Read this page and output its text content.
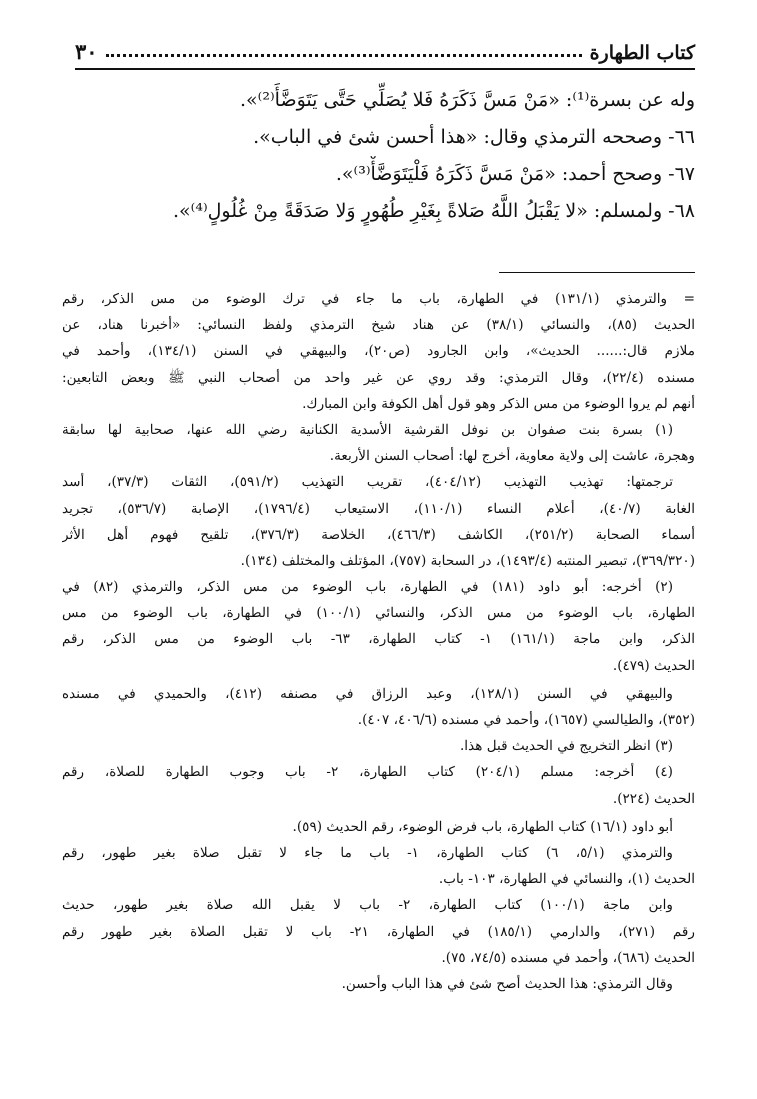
كتاب الطهارة
٣٠
وله عن بسرة⁽¹⁾: «مَنْ مَسَّ ذَكَرَهُ فَلا يُصَلِّي حَتَّى يَتَوَضَّأَ⁽²⁾».
٦٦- وصححه الترمذي وقال: «هذا أحسن شئ في الباب».
٦٧- وصحح أحمد: «مَنْ مَسَّ ذَكَرَهُ فَلْيَتَوَضَّأْ⁽³⁾».
٦٨- ولمسلم: «لا يَقْبَلُ اللَّهُ صَلاةً بِغَيْرِ طُهُورٍ وَلا صَدَقَةً مِنْ غُلُولٍ⁽⁴⁾».
= والترمذي (١٣١/١) في الطهارة، باب ما جاء في ترك الوضوء من مس الذكر، رقم
الحديث (٨٥)، والنسائي (٣٨/١) عن هناد شيخ الترمذي ولفظ النسائي: «أخبرنا هناد، عن
ملازم قال:...... الحديث»، وابن الجارود (ص٢٠)، والبيهقي في السنن (١٣٤/١)، وأحمد في
مسنده (٢٢/٤)، وقال الترمذي: وقد روي عن غير واحد من أصحاب النبي ﷺ وبعض التابعين:
أنهم لم يروا الوضوء من مس الذكر وهو قول أهل الكوفة وابن المبارك.
(١) بسرة بنت صفوان بن نوفل القرشية الأسدية الكنانية رضي الله عنها، صحابية لها سابقة
وهجرة، عاشت إلى ولاية معاوية، أخرج لها: أصحاب السنن الأربعة.
ترجمتها: تهذيب التهذيب (٤٠٤/١٢)، تقريب التهذيب (٥٩١/٢)، الثقات (٣٧/٣)، أسد
الغابة (٤٠/٧)، أعلام النساء (١١٠/١)، الاستيعاب (١٧٩٦/٤)، الإصابة (٥٣٦/٧)، تجريد
أسماء الصحابة (٢٥١/٢)، الكاشف (٤٦٦/٣)، الخلاصة (٣٧٦/٣)، تلقيح فهوم أهل الأثر
(٣٦٩/٣٢٠)، تبصير المنتبه (١٤٩٣/٤)، در السحابة (٧٥٧)، المؤتلف والمختلف (١٣٤).
(٢) أخرجه: أبو داود (١٨١) في الطهارة، باب الوضوء من مس الذكر، والترمذي (٨٢) في
الطهارة، باب الوضوء من مس الذكر، والنسائي (١٠٠/١) في الطهارة، باب الوضوء من مس
الذكر، وابن ماجة (١٦١/١) ١- كتاب الطهارة، ٦٣- باب الوضوء من مس الذكر، رقم
الحديث (٤٧٩).
والبيهقي في السنن (١٢٨/١)، وعبد الرزاق في مصنفه (٤١٢)، والحميدي في مسنده
(٣٥٢)، والطيالسي (١٦٥٧)، وأحمد في مسنده (٤٠٦/٦، ٤٠٧).
(٣) انظر التخريج في الحديث قبل هذا.
(٤) أخرجه: مسلم (٢٠٤/١) كتاب الطهارة، ٢- باب وجوب الطهارة للصلاة، رقم
الحديث (٢٢٤).
أبو داود (١٦/١) كتاب الطهارة، باب فرض الوضوء، رقم الحديث (٥٩).
والترمذي (٥/١، ٦) كتاب الطهارة، ١- باب ما جاء لا تقبل صلاة بغير طهور، رقم
الحديث (١)، والنسائي في الطهارة، ١٠٣- باب.
وابن ماجة (١٠٠/١) كتاب الطهارة، ٢- باب لا يقبل الله صلاة بغير طهور، حديث
رقم (٢٧١)، والدارمي (١٨٥/١) في الطهارة، ٢١- باب لا تقبل الصلاة بغير طهور رقم
الحديث (٦٨٦)، وأحمد في مسنده (٧٤/٥، ٧٥).
وقال الترمذي: هذا الحديث أصح شئ في هذا الباب وأحسن.
